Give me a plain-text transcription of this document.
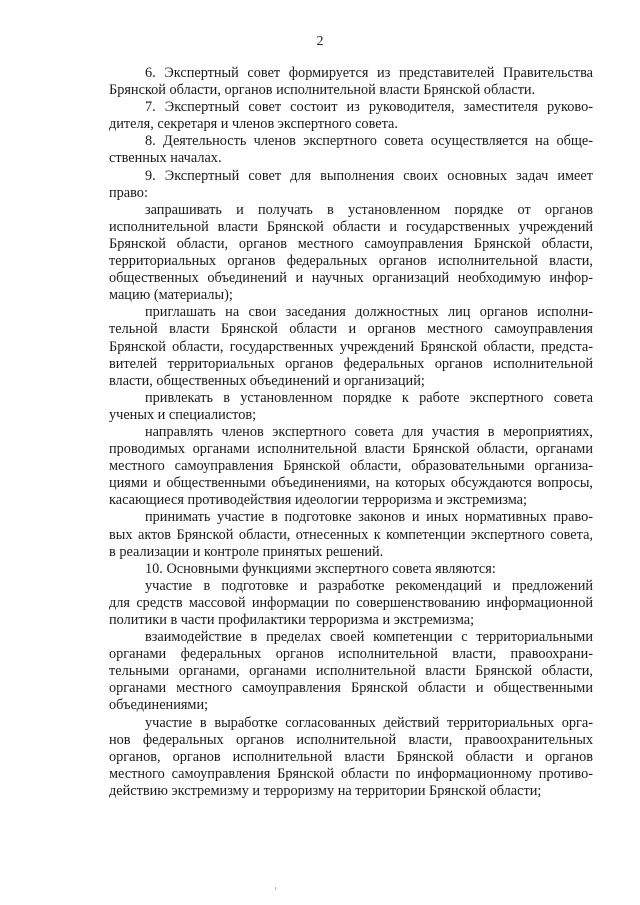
2
6. Экспертный совет формируется из представителей Правительства
Брянской области, органов исполнительной власти Брянской области.
7. Экспертный совет состоит из руководителя, заместителя руково-
дителя, секретаря и членов экспертного совета.
8. Деятельность членов экспертного совета осуществляется на обще-
ственных началах.
9. Экспертный совет для выполнения своих основных задач имеет
право:
запрашивать и получать в установленном порядке от органов
исполнительной власти Брянской области и государственных учреждений
Брянской области, органов местного самоуправления Брянской области,
территориальных органов федеральных органов исполнительной власти,
общественных объединений и научных организаций необходимую инфор-
мацию (материалы);
приглашать на свои заседания должностных лиц органов исполни-
тельной власти Брянской области и органов местного самоуправления
Брянской области, государственных учреждений Брянской области, предста-
вителей территориальных органов федеральных органов исполнительной
власти, общественных объединений и организаций;
привлекать в установленном порядке к работе экспертного совета
ученых и специалистов;
направлять членов экспертного совета для участия в мероприятиях,
проводимых органами исполнительной власти Брянской области, органами
местного самоуправления Брянской области, образовательными организа-
циями и общественными объединениями, на которых обсуждаются вопросы,
касающиеся противодействия идеологии терроризма и экстремизма;
принимать участие в подготовке законов и иных нормативных право-
вых актов Брянской области, отнесенных к компетенции экспертного совета,
в реализации и контроле принятых решений.
10. Основными функциями экспертного совета являются:
участие в подготовке и разработке рекомендаций и предложений
для средств массовой информации по совершенствованию информационной
политики в части профилактики терроризма и экстремизма;
взаимодействие в пределах своей компетенции с территориальными
органами федеральных органов исполнительной власти, правоохрани-
тельными органами, органами исполнительной власти Брянской области,
органами местного самоуправления Брянской области и общественными
объединениями;
участие в выработке согласованных действий территориальных орга-
нов федеральных органов исполнительной власти, правоохранительных
органов, органов исполнительной власти Брянской области и органов
местного самоуправления Брянской области по информационному противо-
действию экстремизму и терроризму на территории Брянской области;
